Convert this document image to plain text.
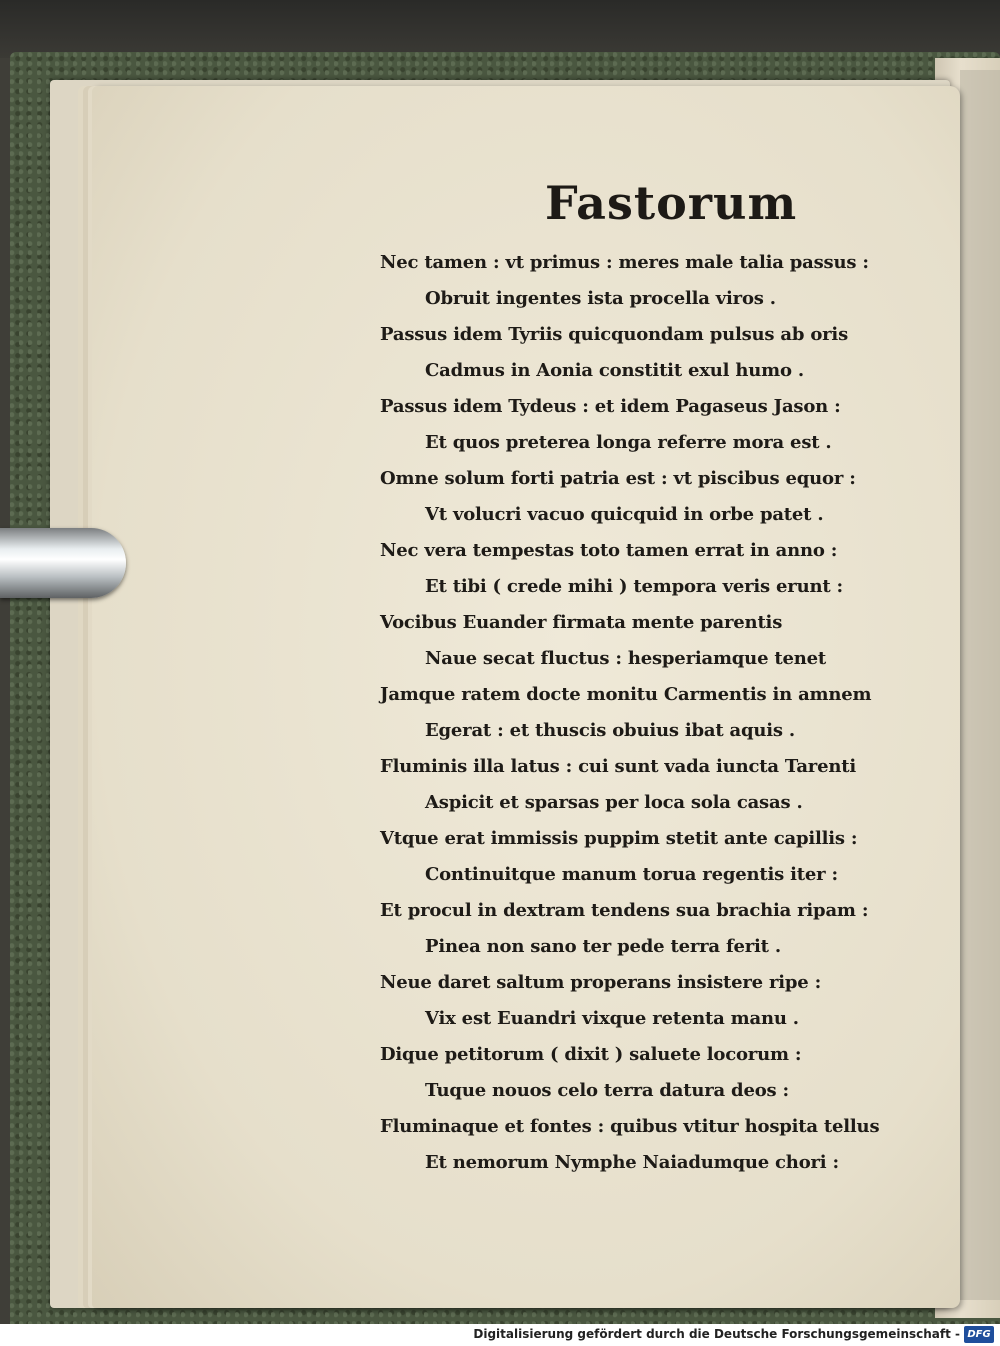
Fastorum
Nec tamen : vt primus : meres male talia passus :
Obruit ingentes ista procella viros .
Passus idem Tyriis quicquondam pulsus ab oris
Cadmus in Aonia constitit exul humo .
Passus idem Tydeus : et idem Pagaseus Jason :
Et quos preterea longa referre mora est .
Omne solum forti patria est : vt piscibus equor :
Vt volucri vacuo quicquid in orbe patet .
Nec vera tempestas toto tamen errat in anno :
Et tibi ( crede mihi ) tempora veris erunt :
Vocibus Euander firmata mente parentis
Naue secat fluctus : hesperiamque tenet
Jamque ratem docte monitu Carmentis in amnem
Egerat : et thuscis obuius ibat aquis .
Fluminis illa latus : cui sunt vada iuncta Tarenti
Aspicit et sparsas per loca sola casas .
Vtque erat immissis puppim stetit ante capillis :
Continuitque manum torua regentis iter :
Et procul in dextram tendens sua brachia ripam :
Pinea non sano ter pede terra ferit .
Neue daret saltum properans insistere ripe :
Vix est Euandri vixque retenta manu .
Dique petitorum ( dixit ) saluete locorum :
Tuque nouos celo terra datura deos :
Fluminaque et fontes : quibus vtitur hospita tellus
Et nemorum Nymphe Naiadumque chori :
Digitalisierung gefördert durch die Deutsche Forschungsgemeinschaft - DFG
